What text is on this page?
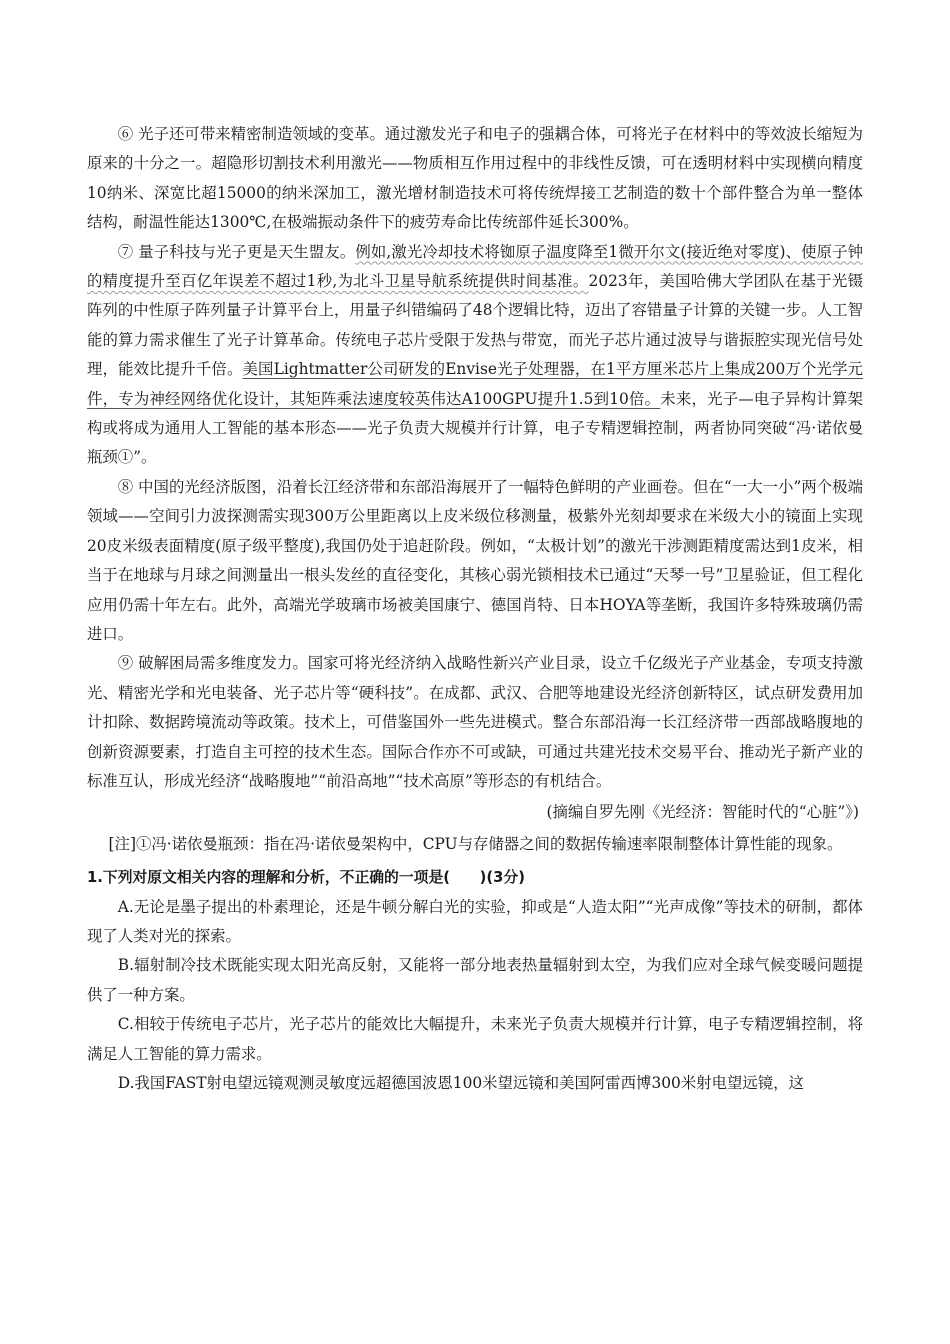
⑥ 光子还可带来精密制造领域的变革。通过激发光子和电子的强耦合体，可将光子在材料中的等效波长缩短为原来的十分之一。超隐形切割技术利用激光——物质相互作用过程中的非线性反馈，可在透明材料中实现横向精度10纳米、深宽比超15000的纳米深加工，激光增材制造技术可将传统焊接工艺制造的数十个部件整合为单一整体结构，耐温性能达1300℃,在极端振动条件下的疲劳寿命比传统部件延长300%。

⑦ 量子科技与光子更是天生盟友。例如,激光冷却技术将铷原子温度降至1微开尔文(接近绝对零度)、使原子钟的精度提升至百亿年误差不超过1秒,为北斗卫星导航系统提供时间基准。2023年，美国哈佛大学团队在基于光镊阵列的中性原子阵列量子计算平台上，用量子纠错编码了48个逻辑比特，迈出了容错量子计算的关键一步。人工智能的算力需求催生了光子计算革命。传统电子芯片受限于发热与带宽，而光子芯片通过波导与谐振腔实现光信号处理，能效比提升千倍。美国Lightmatter公司研发的Envise光子处理器，在1平方厘米芯片上集成200万个光学元件，专为神经网络优化设计，其矩阵乘法速度较英伟达A100GPU提升1.5到10倍。未来，光子—电子异构计算架构或将成为通用人工智能的基本形态——光子负责大规模并行计算，电子专精逻辑控制，两者协同突破“冯·诺依曼瓶颈①”。

⑧ 中国的光经济版图，沿着长江经济带和东部沿海展开了一幅特色鲜明的产业画卷。但在“一大一小”两个极端领域——空间引力波探测需实现300万公里距离以上皮米级位移测量，极紫外光刻却要求在米级大小的镜面上实现20皮米级表面精度(原子级平整度),我国仍处于追赶阶段。例如，“太极计划”的激光干涉测距精度需达到1皮米，相当于在地球与月球之间测量出一根头发丝的直径变化，其核心弱光锁相技术已通过“天琴一号”卫星验证，但工程化应用仍需十年左右。此外，高端光学玻璃市场被美国康宁、德国肖特、日本HOYA等垄断，我国许多特殊玻璃仍需进口。

⑨ 破解困局需多维度发力。国家可将光经济纳入战略性新兴产业目录，设立千亿级光子产业基金，专项支持激光、精密光学和光电装备、光子芯片等“硬科技”。在成都、武汉、合肥等地建设光经济创新特区，试点研发费用加计扣除、数据跨境流动等政策。技术上，可借鉴国外一些先进模式。整合东部沿海一长江经济带一西部战略腹地的创新资源要素，打造自主可控的技术生态。国际合作亦不可或缺，可通过共建光技术交易平台、推动光子新产业的标准互认，形成光经济“战略腹地”“前沿高地”“技术高原”等形态的有机结合。

(摘编自罗先刚《光经济：智能时代的“心脏”》)

[注]①冯·诺依曼瓶颈：指在冯·诺依曼架构中，CPU与存储器之间的数据传输速率限制整体计算性能的现象。

1.下列对原文相关内容的理解和分析，不正确的一项是(　　)(3分)

A.无论是墨子提出的朴素理论，还是牛顿分解白光的实验，抑或是“人造太阳”“光声成像”等技术的研制，都体现了人类对光的探索。

B.辐射制冷技术既能实现太阳光高反射，又能将一部分地表热量辐射到太空，为我们应对全球气候变暖问题提供了一种方案。

C.相较于传统电子芯片，光子芯片的能效比大幅提升，未来光子负责大规模并行计算，电子专精逻辑控制，将满足人工智能的算力需求。

D.我国FAST射电望远镜观测灵敏度远超德国波恩100米望远镜和美国阿雷西博300米射电望远镜，这
